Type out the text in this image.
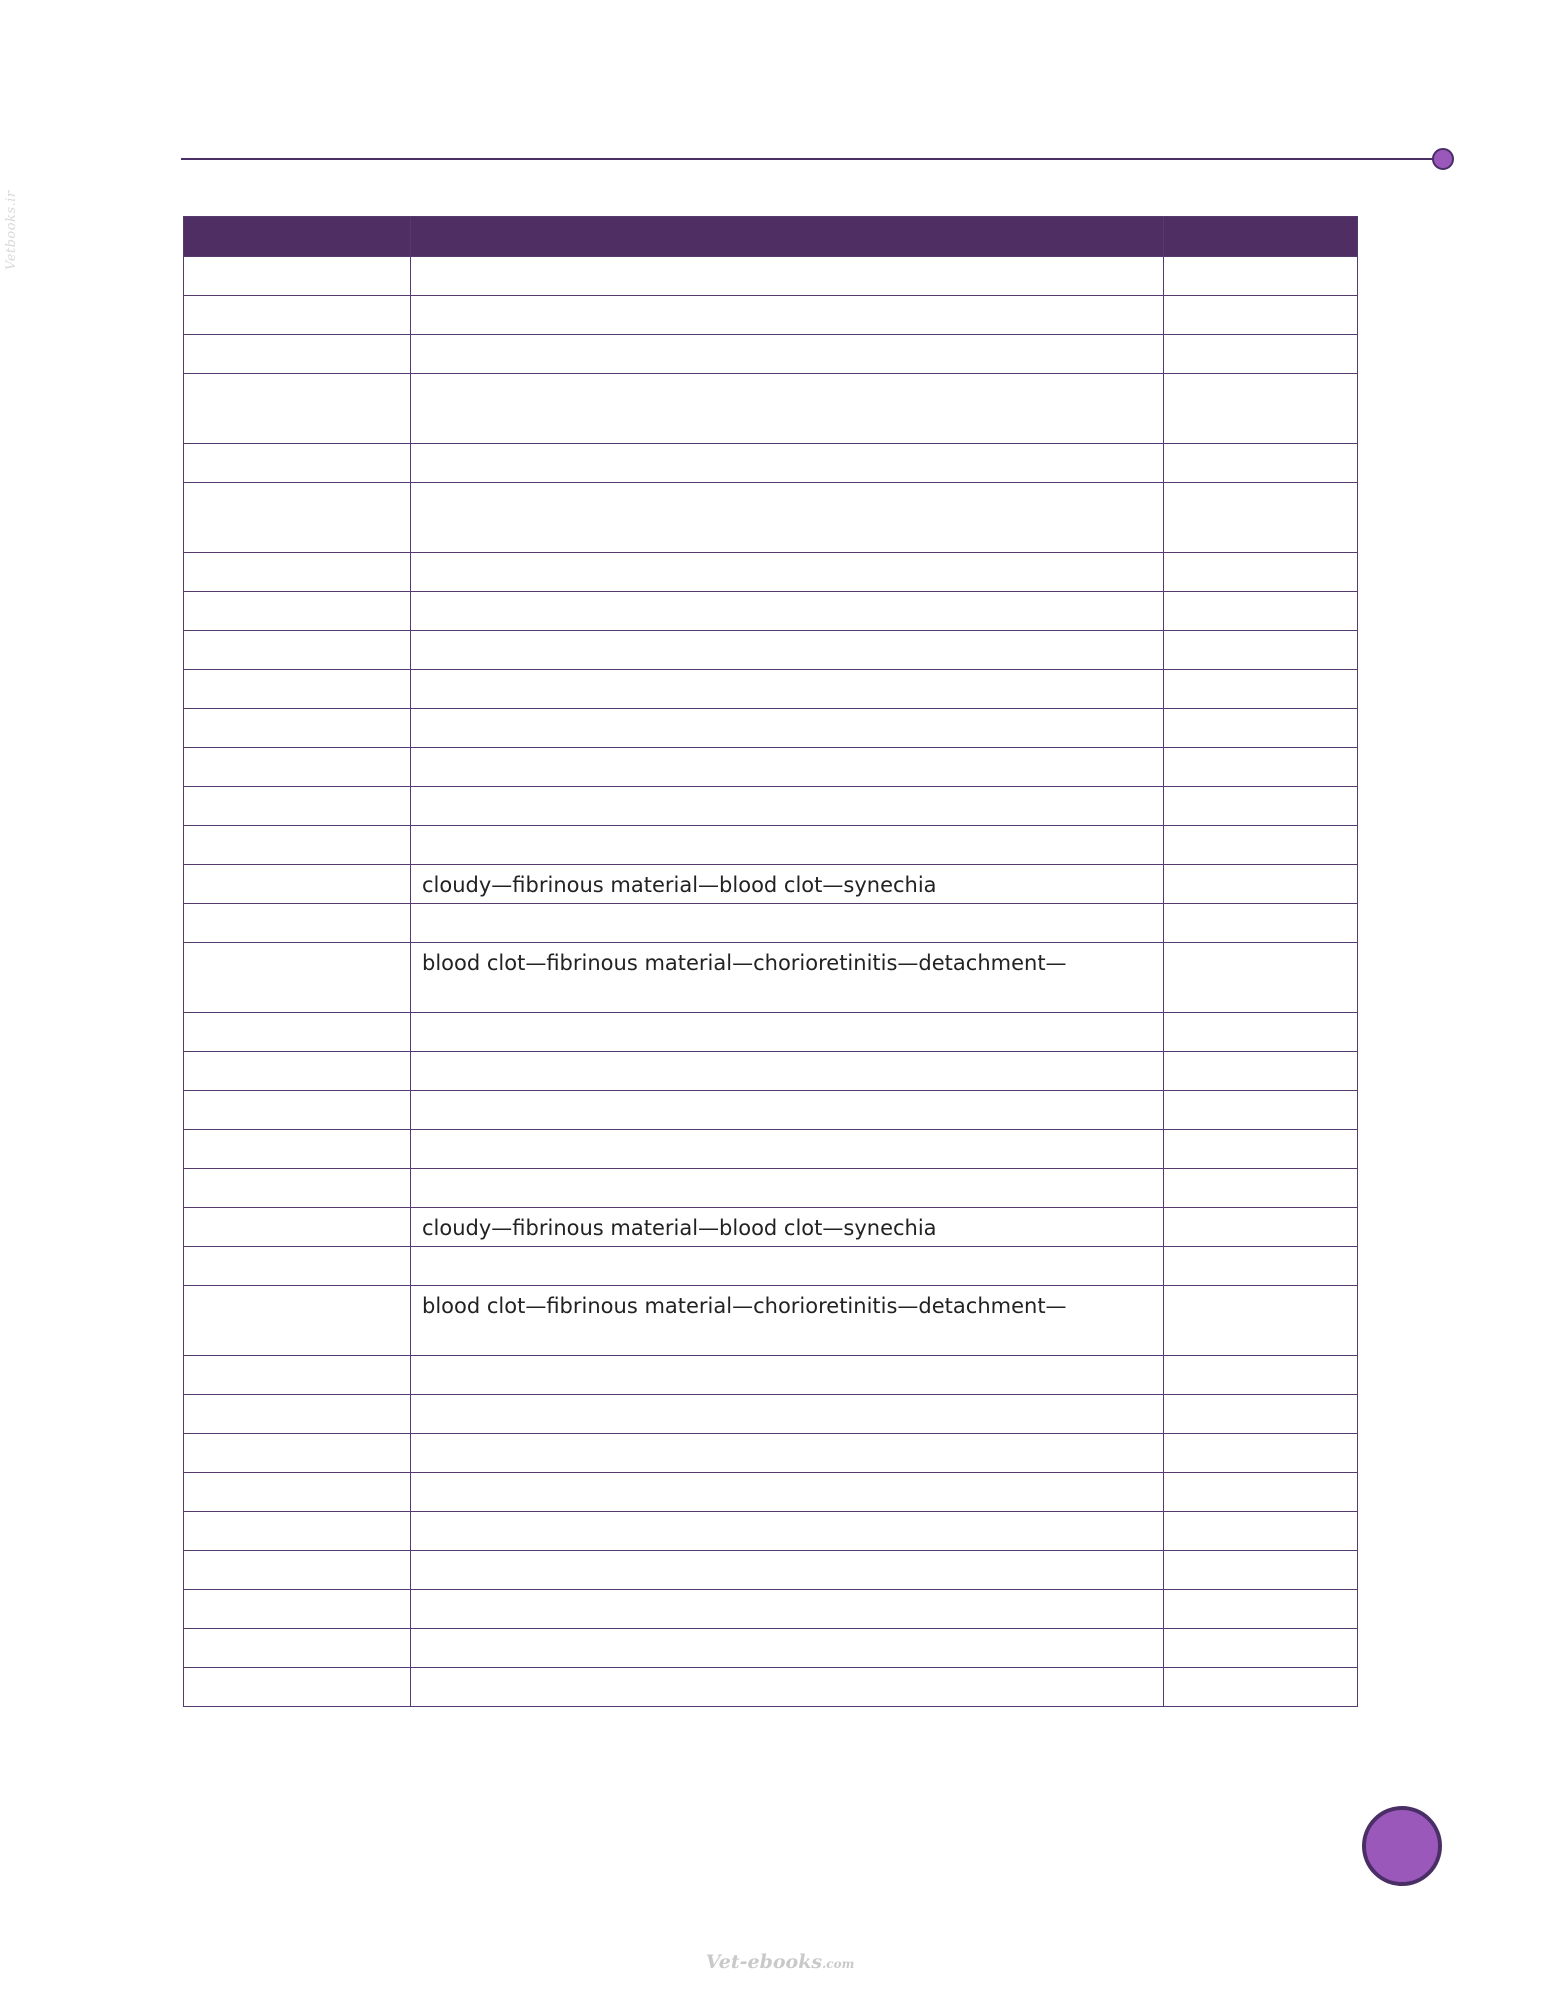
Vetbooks.ir

	cloudy—fibrinous material—blood clot—synechia	

	blood clot—fibrinous material—chorioretinitis—detachment—	

	cloudy—fibrinous material—blood clot—synechia	

	blood clot—fibrinous material—chorioretinitis—detachment—	

Vet-ebooks.com
